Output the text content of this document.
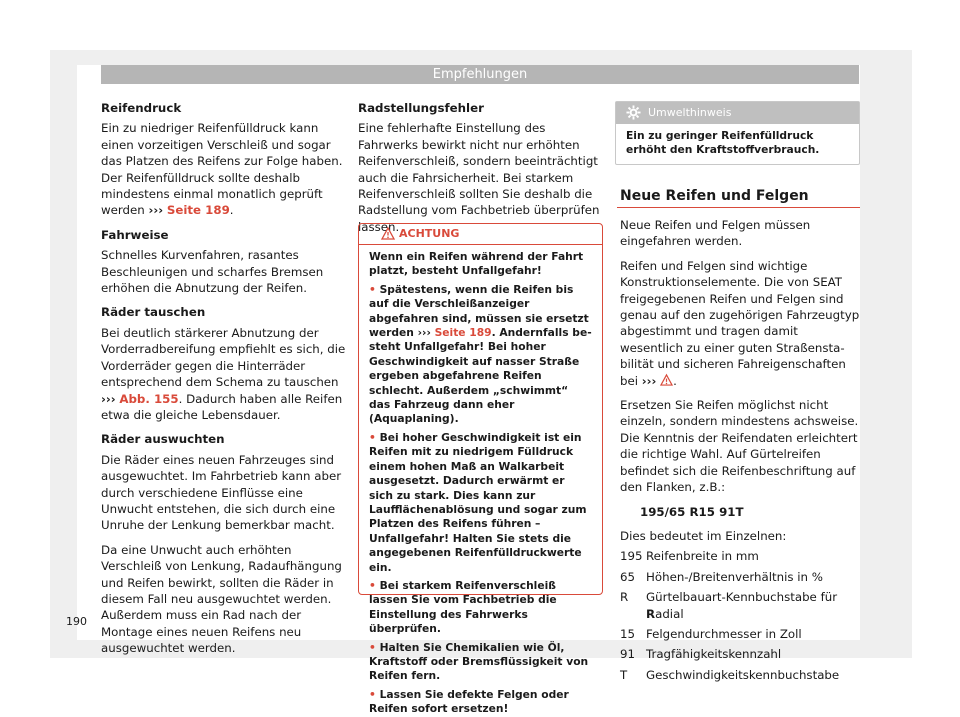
Empfehlungen
Reifendruck

Ein zu niedriger Reifenfülldruck kann einen vorzeitigen Verschleiß und sogar das Platzen des Reifens zur Folge haben. Der Reifenfülldruck sollte deshalb mindestens einmal monatlich geprüft werden ››› Seite 189.

Fahrweise

Schnelles Kurvenfahren, rasantes Beschleunigen und scharfes Bremsen erhöhen die Abnutzung der Reifen.

Räder tauschen

Bei deutlich stärkerer Abnutzung der Vorderradbereifung empfiehlt es sich, die Vorderräder gegen die Hinterräder entsprechend dem Schema zu tauschen ››› Abb. 155. Dadurch haben alle Reifen etwa die gleiche Lebensdauer.

Räder auswuchten

Die Räder eines neuen Fahrzeuges sind ausgewuchtet. Im Fahrbetrieb kann aber durch verschiedene Einflüsse eine Unwucht entstehen, die sich durch eine Unruhe der Lenkung bemerkbar macht.

Da eine Unwucht auch erhöhten Verschleiß von Lenkung, Radaufhängung und Reifen bewirkt, sollten die Räder in diesem Fall neu ausgewuchtet werden. Außerdem muss ein Rad nach der Montage eines neuen Reifens neu ausgewuchtet werden.

Radstellungsfehler

Eine fehlerhafte Einstellung des Fahrwerks bewirkt nicht nur erhöhten Reifenverschleiß, sondern beeinträchtigt auch die Fahrsicherheit. Bei starkem Reifenverschleiß sollten Sie deshalb die Radstellung vom Fachbetrieb überprüfen lassen. ACHTUNG

Wenn ein Reifen während der Fahrt platzt, besteht Unfallgefahr!

• Spätestens, wenn die Reifen bis auf die Verschleißanzeiger abgefahren sind, müssen sie ersetzt werden ››› Seite 189. Andernfalls besteht Unfallgefahr! Bei hoher Geschwindigkeit auf nasser Straße ergeben abgefahrene Reifen schlecht. Außerdem „schwimmt“ das Fahrzeug dann eher (Aquaplaning).

• Bei hoher Geschwindigkeit ist ein Reifen mit zu niedrigem Fülldruck einem hohen Maß an Walkarbeit ausgesetzt. Dadurch erwärmt er sich zu stark. Dies kann zur Laufflächenablösung und sogar zum Platzen des Reifens führen – Unfallgefahr! Halten Sie stets die angegebenen Reifenfülldruckwerte ein.

• Bei starkem Reifenverschleiß lassen Sie vom Fachbetrieb die Einstellung des Fahrwerks überprüfen.

• Halten Sie Chemikalien wie Öl, Kraftstoff oder Bremsflüssigkeit von Reifen fern.

• Lassen Sie defekte Felgen oder Reifen sofort ersetzen!

Umwelthinweis
Ein zu geringer Reifenfülldruck erhöht den Kraftstoffverbrauch.
Neue Reifen und Felgen

Neue Reifen und Felgen müssen eingefahren werden.

Reifen und Felgen sind wichtige Konstruktionselemente. Die von SEAT freigegebenen Reifen und Felgen sind genau auf den zugehörigen Fahrzeugtyp abgestimmt und tragen damit wesentlich zu einer guten Straßenstabilität und sicheren Fahreigenschaften bei ››› .

Ersetzen Sie Reifen möglichst nicht einzeln, sondern mindestens achsweise. Die Kenntnis der Reifendaten erleichtert die richtige Wahl. Auf Gürtelreifen befindet sich die Reifenbeschriftung auf den Flanken, z.B.:

195/65 R15 91T

Dies bedeutet im Einzelnen:

195	Reifenbreite in mm
65	Höhen-/Breitenverhältnis in %
R	Gürtelbauart-Kennbuchstabe für Radial
15	Felgendurchmesser in Zoll
91	Tragfähigkeitskennzahl
T	Geschwindigkeitskennbuchstabe
190
